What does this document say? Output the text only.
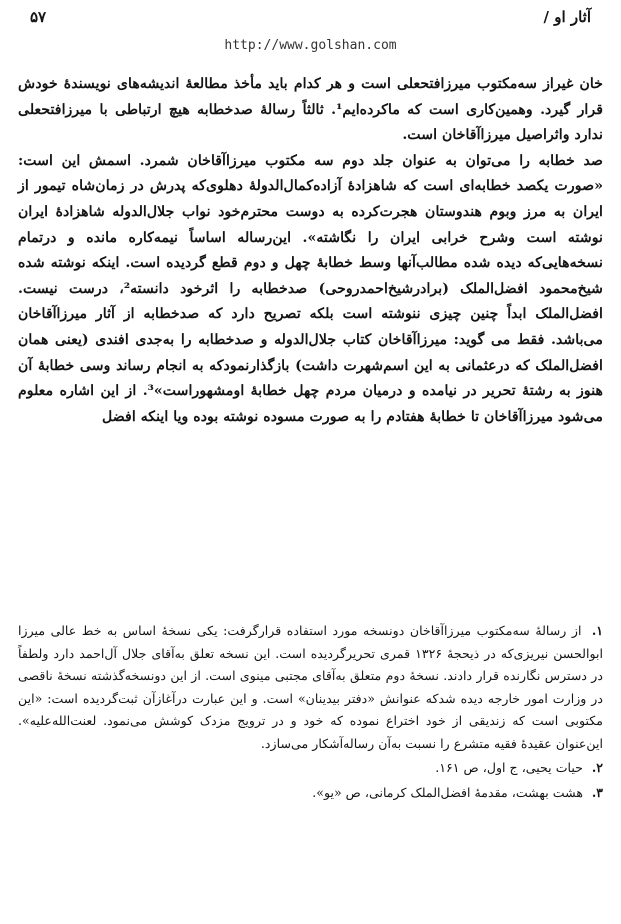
آثار او /
۵۷
http://www.golshan.com

خان غیراز سه‌مکتوب میرزافتحعلی است و هر کدام باید مأخذ مطالعهٔ اندیشه‌های نویسندهٔ خودش قرار گیرد. وهمین‌کاری است که ماکرده‌ایم¹. ثالثاً رسالهٔ صد‌خطابه هیچ ارتباطی با میرزافتحعلی ندارد واثراصیل میرزاآقاخان است.

صد خطابه را می‌توان به عنوان جلد دوم سه مکتوب میرزاآقاخان شمرد. اسمش این است: «صورت یکصد خطابه‌ای است که شاهزادهٔ آزاده‌کمال‌الدولهٔ دهلوی‌که پدرش در زمان‌شاه تیمور از ایران به مرز وبوم هندوستان هجرت‌کرده به دوست محترم‌خود نواب جلال‌الدوله شاهزادهٔ ایران نوشته است وشرح خرابی ایران را نگاشته». این‌رساله اساساً نیمه‌کاره مانده و درتمام نسخه‌هایی‌که دیده شده مطالب‌آنها وسط خطابهٔ چهل و دوم قطع گردیده است. اینکه نوشته شده شیخ‌محمود افضل‌الملک (برادرشیخ‌احمدروحی) صدخطابه را اثرخود دانسته²، درست نیست. افضل‌الملک ابداً چنین چیزی ننوشته است بلکه تصریح دارد که صدخطابه از آثار میرزاآقاخان می‌باشد. فقط می گوید: میرزاآقاخان کتاب جلال‌الدوله و صدخطابه را به‌جدی افندی (یعنی همان افضل‌الملک‌ که درعثمانی به این اسم‌شهرت داشت) بازگذارنمود‌که به انجام رساند وسی خطابهٔ آن هنوز به رشتهٔ تحریر در نیامده و درمیان مردم چهل خطابهٔ اومشهوراست»³. از این اشاره معلوم می‌شود میرزاآقاخان تا خطابهٔ هفتادم را به صورت مسوده نوشته بوده ویا اینکه افضل‌

۱. از رسالهٔ سه‌مکتوب میرزاآقاخان دونسخه مورد استفاده قرارگرفت: یکی نسخهٔ اساس به خط عالی میرزا ابوالحسن نیریزی‌که در ذیحجهٔ ۱۳۲۶ قمری تحریرگردیده است. این نسخه تعلق به‌آقای جلال آل‌احمد دارد ولطفاً در دسترس نگارنده قرار دادند. نسخهٔ دوم متعلق به‌آقای مجتبی مینوی است. از این دونسخه‌گذشته نسخهٔ ناقصی در وزارت امور خارجه دیده شدکه عنوانش «دفتر بیدینان» است. و این عبارت درآغازآن ثبت‌گردیده است: «این مکتوبی است که زندیقی از خود اختراع نموده که خود و در ترویج مزدک کوشش می‌نمود. لعنت‌الله‌علیه». این‌عنوان عقیدهٔ فقیه متشرع را نسبت به‌آن رساله‌آشکار می‌سازد.

۲. حیات یحیی، ج اول، ص ۱۶۱.

۳. هشت بهشت، مقدمهٔ افضل‌الملک کرمانی، ص «یو».
